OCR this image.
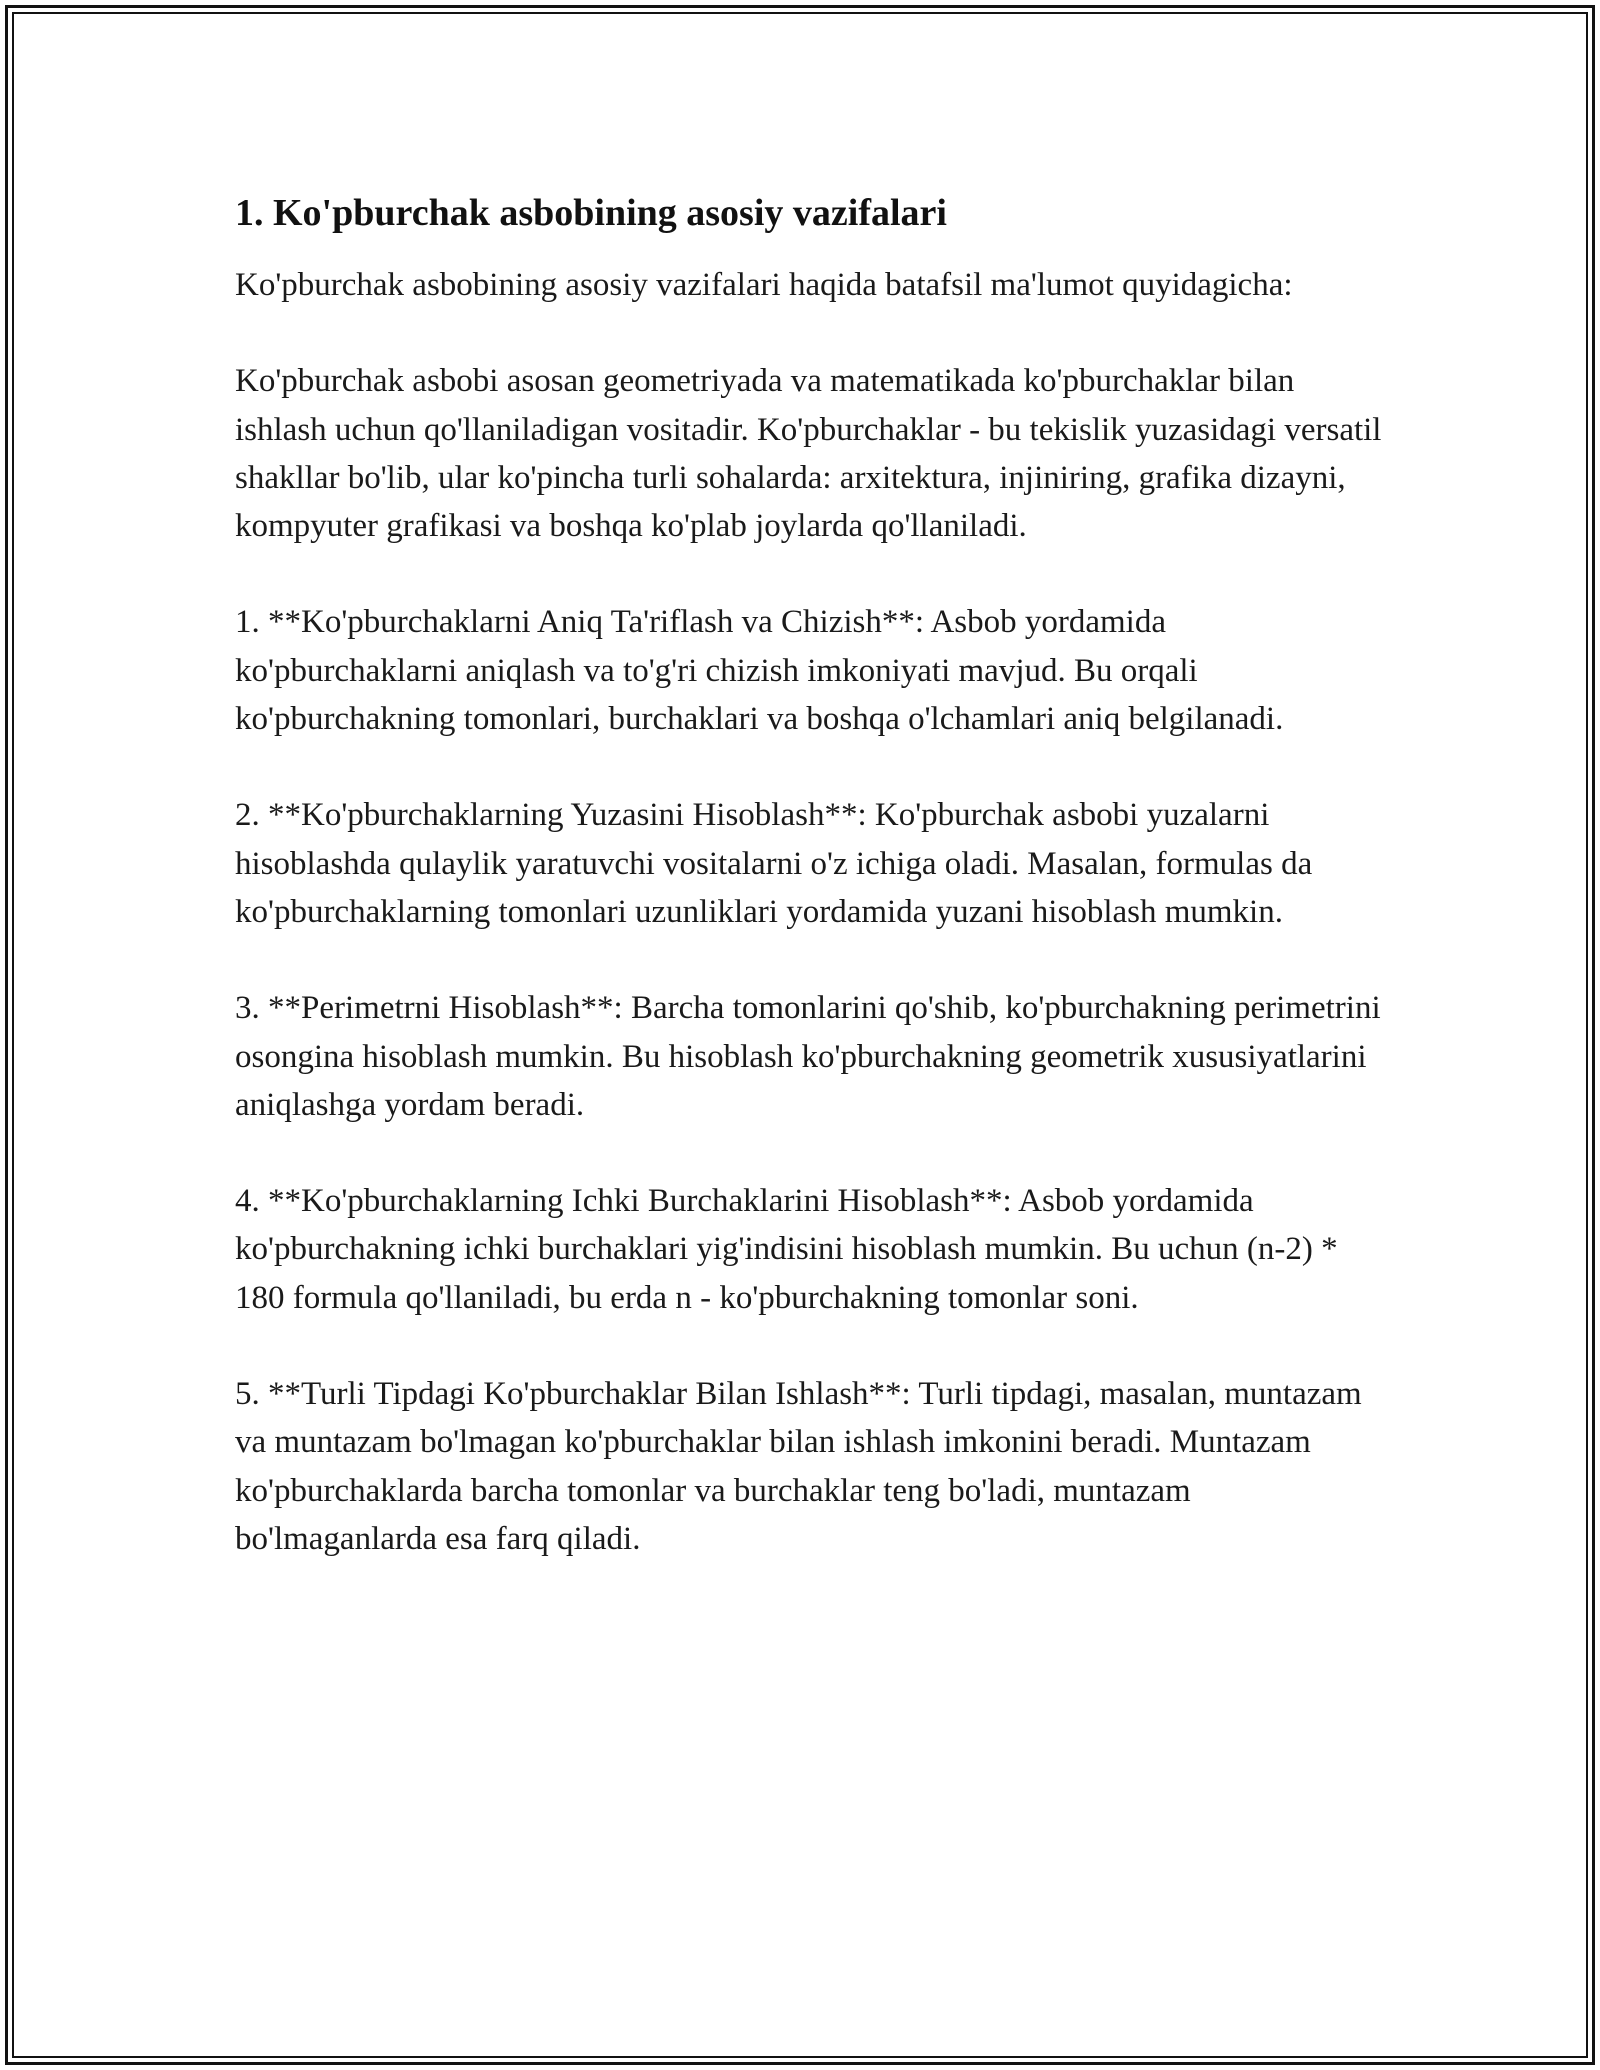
1. Ko'pburchak asbobining asosiy vazifalari

Ko'pburchak asbobining asosiy vazifalari haqida batafsil ma'lumot quyidagicha:

Ko'pburchak asbobi asosan geometriyada va matematikada ko'pburchaklar bilan ishlash uchun qo'llaniladigan vositadir. Ko'pburchaklar - bu tekislik yuzasidagi versatil shakllar bo'lib, ular ko'pincha turli sohalarda: arxitektura, injiniring, grafika dizayni, kompyuter grafikasi va boshqa ko'plab joylarda qo'llaniladi.

1. **Ko'pburchaklarni Aniq Ta'riflash va Chizish**: Asbob yordamida ko'pburchaklarni aniqlash va to'g'ri chizish imkoniyati mavjud. Bu orqali ko'pburchakning tomonlari, burchaklari va boshqa o'lchamlari aniq belgilanadi.

2. **Ko'pburchaklarning Yuzasini Hisoblash**: Ko'pburchak asbobi yuzalarni hisoblashda qulaylik yaratuvchi vositalarni o'z ichiga oladi. Masalan, formulas da ko'pburchaklarning tomonlari uzunliklari yordamida yuzani hisoblash mumkin.

3. **Perimetrni Hisoblash**: Barcha tomonlarini qo'shib, ko'pburchakning perimetrini osongina hisoblash mumkin. Bu hisoblash ko'pburchakning geometrik xususiyatlarini aniqlashga yordam beradi.

4. **Ko'pburchaklarning Ichki Burchaklarini Hisoblash**: Asbob yordamida ko'pburchakning ichki burchaklari yig'indisini hisoblash mumkin. Bu uchun (n-2) * 180 formula qo'llaniladi, bu erda n - ko'pburchakning tomonlar soni.

5. **Turli Tipdagi Ko'pburchaklar Bilan Ishlash**: Turli tipdagi, masalan, muntazam va muntazam bo'lmagan ko'pburchaklar bilan ishlash imkonini beradi. Muntazam ko'pburchaklarda barcha tomonlar va burchaklar teng bo'ladi, muntazam bo'lmaganlarda esa farq qiladi.
